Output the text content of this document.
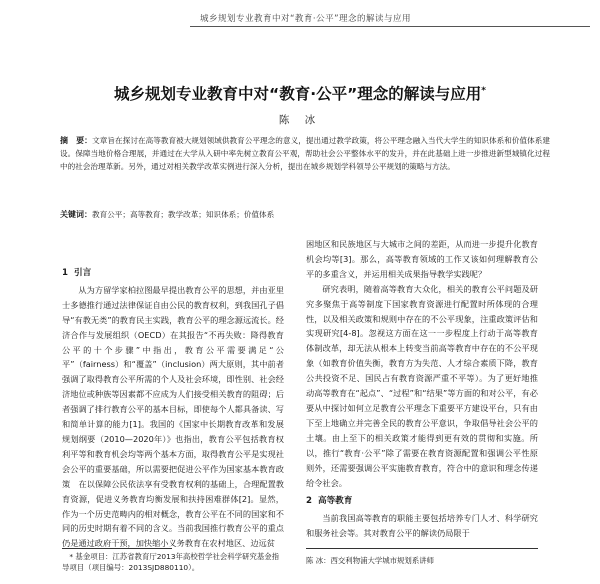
城乡规划专业教育中对“教育·公平”理念的解读与应用
城乡规划专业教育中对“教育·公平”理念的解读与应用*
陈 冰
摘　要：文章旨在探讨在高等教育被大规划领域供教育公平理念的意义，提出通过教学政策，将公平理念融入当代大学生的知识体系和价值体系建设。保障当地价格合理展，并通过在大学从入研中率先树立教育公平观，帮助社会公平整体水平的发升，并在此基础上进一步推进新型城镇化过程中的社会治理革新。另外，通过对相关教学改革实例进行深入分析，提出在城乡规划学科领导公平规划的策略与方法。
关键词：教育公平；高等教育；教学改革；知识体系；价值体系

1 引言

从为方留学家柏拉图最早提出教育公平的思想，并由亚里士多德推行通过法律保证自由公民的教育权利，到我国孔子倡导“有教无类”的教育民主实践，教育公平的理念源远流长。经济合作与发展组织（OECD）在其报告“不再失败：降得教育公平的十个步骤”中指出，教育公平需要满足“公平”（fairness）和“覆盖”（inclusion）两大原则，其中前者强调了取得教育公平所需的个人及社会环境，即性别、社会经济地位或种族等因素都不应成为人们接受相关教育的阻碍；后者强调了排行教育公平的基本目标，即使每个人都具备读、写和简单计算的能力[1]。我国的《国家中长期教育改革和发展规划纲要（2010—2020年）》也指出，教育公平包括教育权利平等和教育机会均等两个基本方面，取得教育公平是实现社会公平的重要基础，所以需要把促进公平作为国家基本教育政策　在以保障公民依法享有受教育权利的基础上，合理配置教育资源，促进义务教育均衡发展和扶持困难群体[2]。显然，作为一个历史范畴内的相对概念，教育公平在不同的国家和不同的历史时期有着不同的含义。当前我国推行教育公平的重点仍是通过政府干预，加快缩小义务教育在农村地区、边远贫

困地区和民族地区与大城市之间的差距，从而进一步提升化教育机会均等[3]。那么，高等教育领域的工作又该如何理解教育公平的多重含义，并运用相关成果指导教学实践呢？

研究表明，随着高等教育大众化，相关的教育公平问题及研究多聚焦于高等制度下国家教育资源进行配置时所体现的合理性，以及相关政策和规则中存在的不公平现象，注重政策评估和实现研究[4-8]。忽视这方面在这一一步程度上行动于高等教育体制改革，却无法从根本上转变当前高等教育中存在的不公平现象（如教育价值失衡，教育方为失范、人才综合素质下降，教育公共投资不足、国民占有教育资源严重不平等）。为了更好地推动高等教育在“起点”、“过程”和“结果”等方面的和对公平，有必要从中探讨如何立足教育公平理念下重要平方建设平台，只有由下至上地确立并完善全民的教育公平意识，争取倡导社会公平的土壤。由上至下的相关政策才能得到更有效的贯彻和实施。所以，推行“教育·公平”除了需要在教育资源配置和强调公平性原则外，还需要强调公平实施教育教育，符合中的意识和理念传递给令社会。

2 高等教育

当前我国高等教育的职能主要包括培养专门人才、科学研究和服务社会等。其对教育公平的解读仍局限于

* 基金项目：江苏省教育厅2013年高校哲学社会科学研究基金指导项目（项目编号：2013SJD880110）。
陈 冰：西交利物浦大学城市规划系讲师
